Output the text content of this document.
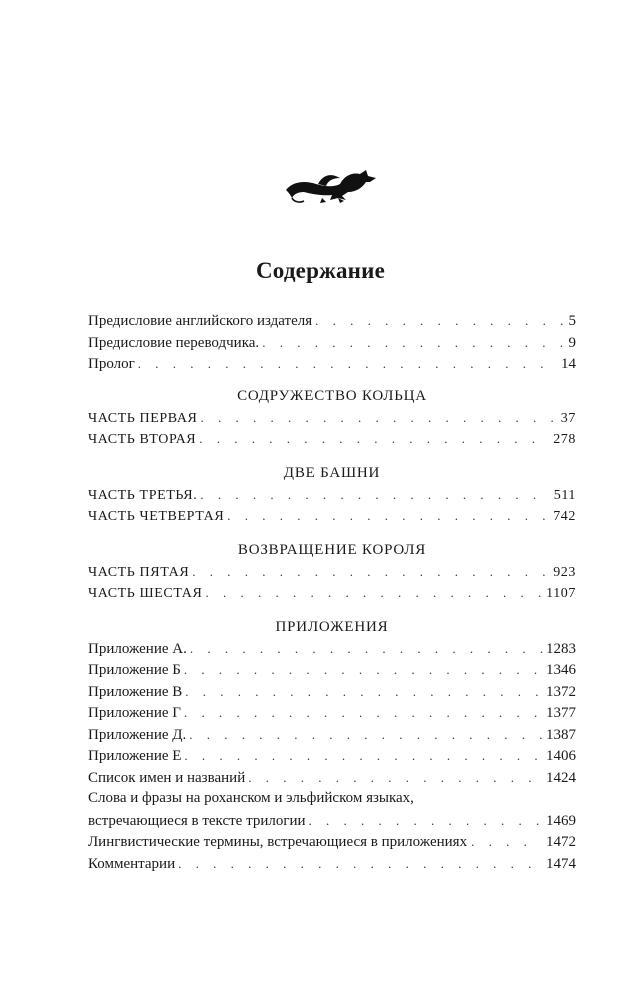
Содержание
Предисловие английского издателя . . .	5
Предисловие переводчика. . . .	9
Пролог . . .	14
СОДРУЖЕСТВО КОЛЬЦА
ЧАСТЬ ПЕРВАЯ . . .	37
ЧАСТЬ ВТОРАЯ . . .	278
ДВЕ БАШНИ
ЧАСТЬ ТРЕТЬЯ. . . .	511
ЧАСТЬ ЧЕТВЕРТАЯ . . .	742
ВОЗВРАЩЕНИЕ КОРОЛЯ
ЧАСТЬ ПЯТАЯ . . .	923
ЧАСТЬ ШЕСТАЯ . . .	1107
ПРИЛОЖЕНИЯ
Приложение А. . . .	1283
Приложение Б . . .	1346
Приложение В . . .	1372
Приложение Г . . .	1377
Приложение Д. . . .	1387
Приложение Е . . .	1406
Список имен и названий . . .	1424
Слова и фразы на роханском и эльфийском языках,
встречающиеся в тексте трилогии . . .	1469
Лингвистические термины, встречающиеся в приложениях . . .	1472
Комментарии . . .	1474
